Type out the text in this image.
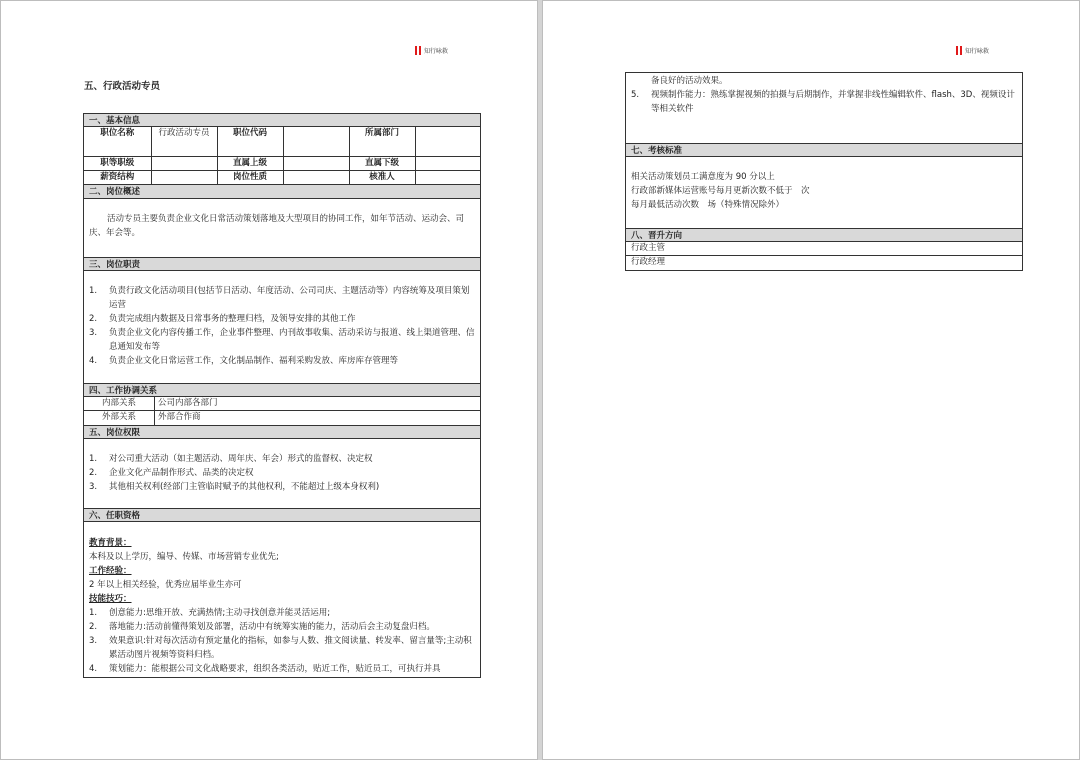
知行咏救
五、行政活动专员
一、基本信息
职位名称	行政活动专员	职位代码		所属部门	
职等职级		直属上级		直属下级	
薪资结构		岗位性质		核准人	
二、岗位概述
活动专员主要负责企业文化日常活动策划落地及大型项目的协同工作，如年节活动、运动会、司庆、年会等。
三、岗位职责
1.	负责行政文化活动项目(包括节日活动、年度活动、公司司庆、主题活动等）内容统筹及项目策划运营
2.	负责完成组内数据及日常事务的整理归档，及领导安排的其他工作
3.	负责企业文化内容传播工作，企业事件整理、内刊故事收集、活动采访与报道、线上渠道管理、信息通知发布等
4.	负责企业文化日常运营工作，文化制品制作、福利采购发放、库房库存管理等
四、工作协调关系
内部关系	公司内部各部门
外部关系	外部合作商
五、岗位权限
1.	对公司重大活动（如主题活动、周年庆、年会）形式的监督权、决定权
2.	企业文化产品制作形式、品类的决定权
3.	其他相关权利(经部门主管临时赋予的其他权利，不能超过上级本身权利)
六、任职资格
教育背景：
本科及以上学历，编导、传媒、市场营销专业优先;
工作经验：
2 年以上相关经验，优秀应届毕业生亦可
技能技巧：
1.	创意能力:思维开放、充满热情;主动寻找创意并能灵活运用;
2.	落地能力:活动前懂得策划及部署，活动中有统筹实施的能力，活动后会主动复盘归档。
3.	效果意识:针对每次活动有预定量化的指标，如参与人数、推文阅读量、转发率、留言量等;主动积累活动图片视频等资料归档。
4.	策划能力：能根据公司文化战略要求，组织各类活动，贴近工作，贴近员工，可执行并具
知行咏救
备良好的活动效果。
5.	视频制作能力：熟练掌握视频的拍摄与后期制作，并掌握非线性编辑软件、flash、3D、视频设计等相关软件
七、考核标准
相关活动策划员工满意度为 90 分以上
行政部新媒体运营账号每月更新次数不低于　次
每月最低活动次数　场（特殊情况除外）
八、晋升方向
行政主管
行政经理
